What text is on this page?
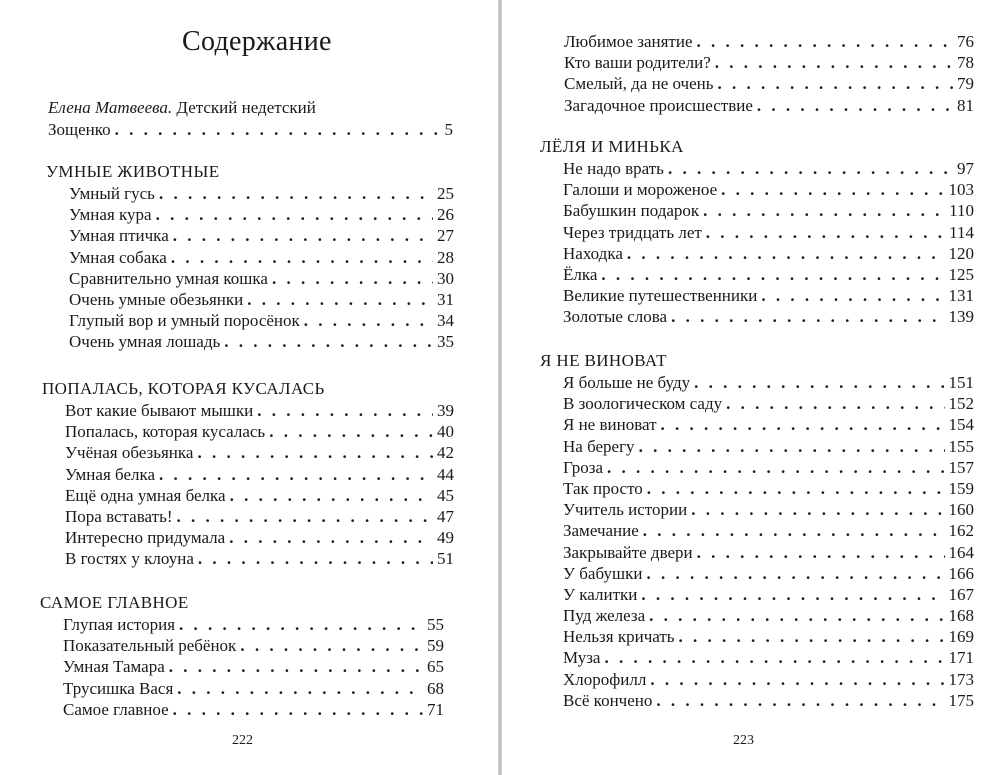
Содержание
Елена Матвеева. Детский недетский
Зощенко . . .	5
УМНЫЕ ЖИВОТНЫЕ
Умный гусь . . .	25
Умная кура . . .	26
Умная птичка . . .	27
Умная собака . . .	28
Сравнительно умная кошка . . .	30
Очень умные обезьянки . . .	31
Глупый вор и умный поросёнок . . .	34
Очень умная лошадь . . .	35
ПОПАЛАСЬ, КОТОРАЯ КУСАЛАСЬ
Вот какие бывают мышки . . .	39
Попалась, которая кусалась . . .	40
Учёная обезьянка . . .	42
Умная белка . . .	44
Ещё одна умная белка . . .	45
Пора вставать! . . .	47
Интересно придумала . . .	49
В гостях у клоуна . . .	51
САМОЕ ГЛАВНОЕ
Глупая история . . .	55
Показательный ребёнок . . .	59
Умная Тамара . . .	65
Трусишка Вася . . .	68
Самое главное . . .	71
222
Любимое занятие . . .	76
Кто ваши родители? . . .	78
Смелый, да не очень . . .	79
Загадочное происшествие . . .	81
ЛЁЛЯ И МИНЬКА
Не надо врать . . .	97
Галоши и мороженое . . .	103
Бабушкин подарок . . .	110
Через тридцать лет . . .	114
Находка . . .	120
Ёлка . . .	125
Великие путешественники . . .	131
Золотые слова . . .	139
Я НЕ ВИНОВАТ
Я больше не буду . . .	151
В зоологическом саду . . .	152
Я не виноват . . .	154
На берегу . . .	155
Гроза . . .	157
Так просто . . .	159
Учитель истории . . .	160
Замечание . . .	162
Закрывайте двери . . .	164
У бабушки . . .	166
У калитки . . .	167
Пуд железа . . .	168
Нельзя кричать . . .	169
Муза . . .	171
Хлорофилл . . .	173
Всё кончено . . .	175
223
